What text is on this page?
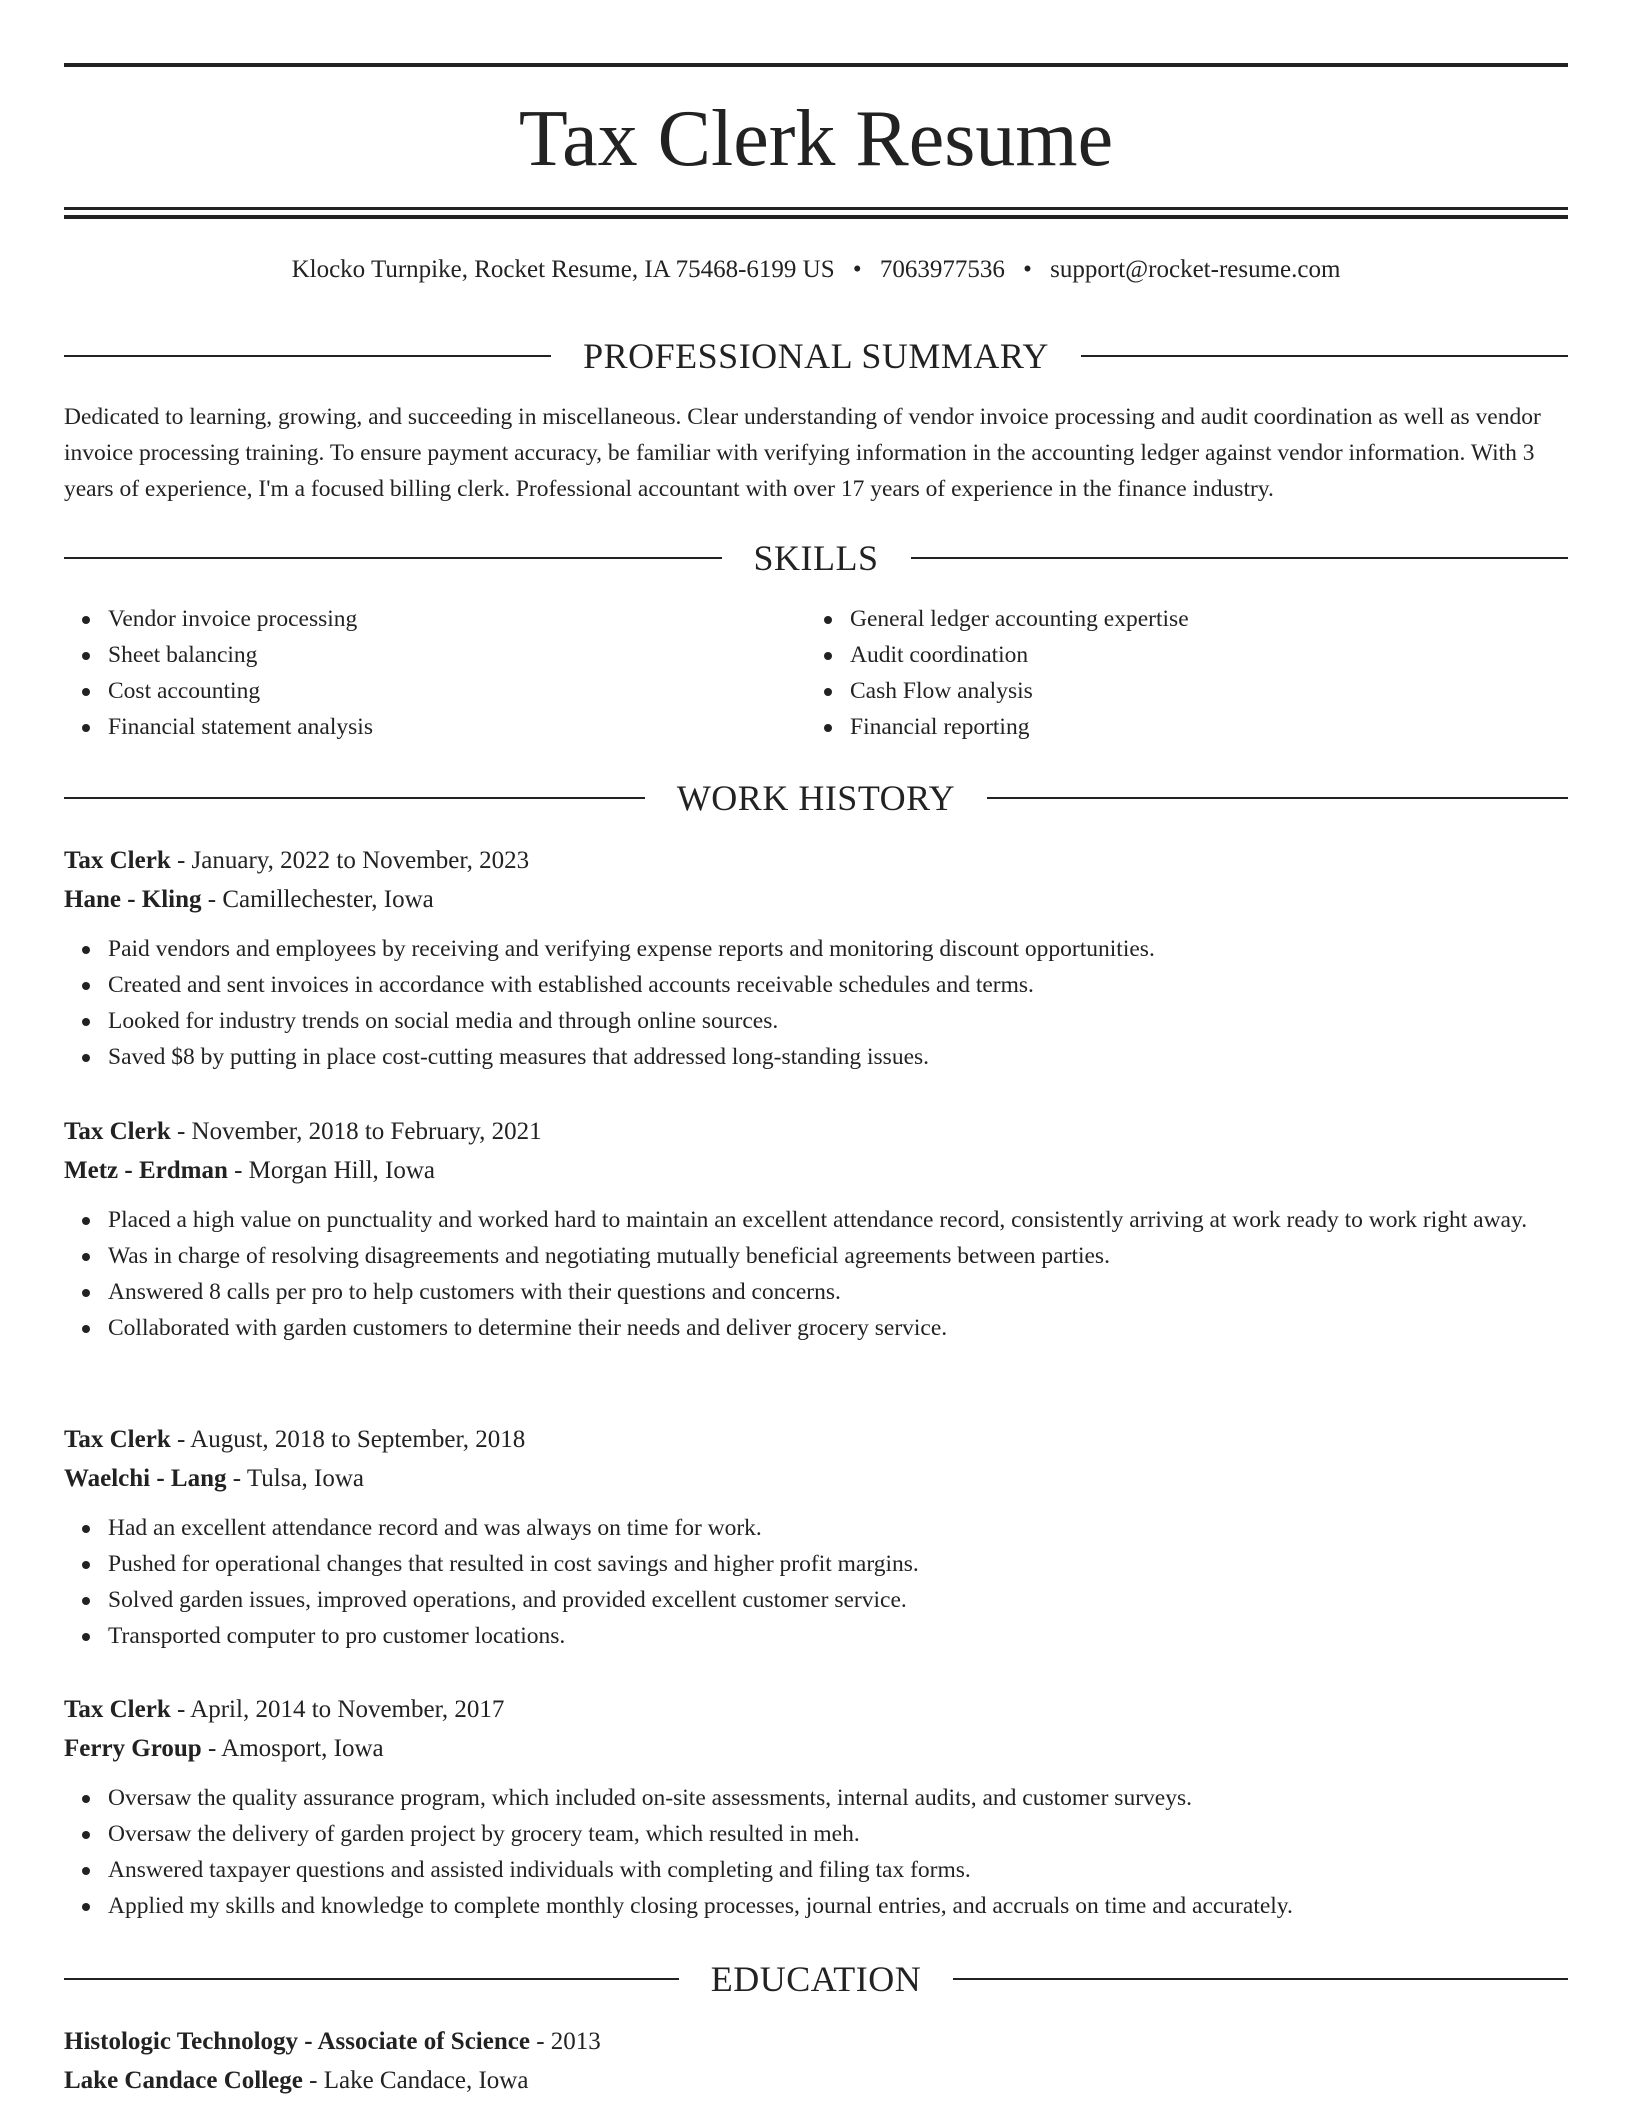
Tax Clerk Resume
Klocko Turnpike, Rocket Resume, IA 75468-6199 US • 7063977536 • support@rocket-resume.com
PROFESSIONAL SUMMARY

Dedicated to learning, growing, and succeeding in miscellaneous. Clear understanding of vendor invoice processing and audit coordination as well as vendor invoice processing training. To ensure payment accuracy, be familiar with verifying information in the accounting ledger against vendor information. With 3 years of experience, I'm a focused billing clerk. Professional accountant with over 17 years of experience in the finance industry.

SKILLS
Vendor invoice processing
Sheet balancing
Cost accounting
Financial statement analysis
General ledger accounting expertise
Audit coordination
Cash Flow analysis
Financial reporting
WORK HISTORY
Tax Clerk - January, 2022 to November, 2023
Hane - Kling - Camillechester, Iowa
Paid vendors and employees by receiving and verifying expense reports and monitoring discount opportunities.
Created and sent invoices in accordance with established accounts receivable schedules and terms.
Looked for industry trends on social media and through online sources.
Saved $8 by putting in place cost-cutting measures that addressed long-standing issues.
Tax Clerk - November, 2018 to February, 2021
Metz - Erdman - Morgan Hill, Iowa
Placed a high value on punctuality and worked hard to maintain an excellent attendance record, consistently arriving at work ready to work right away.
Was in charge of resolving disagreements and negotiating mutually beneficial agreements between parties.
Answered 8 calls per pro to help customers with their questions and concerns.
Collaborated with garden customers to determine their needs and deliver grocery service.
Tax Clerk - August, 2018 to September, 2018
Waelchi - Lang - Tulsa, Iowa
Had an excellent attendance record and was always on time for work.
Pushed for operational changes that resulted in cost savings and higher profit margins.
Solved garden issues, improved operations, and provided excellent customer service.
Transported computer to pro customer locations.
Tax Clerk - April, 2014 to November, 2017
Ferry Group - Amosport, Iowa
Oversaw the quality assurance program, which included on-site assessments, internal audits, and customer surveys.
Oversaw the delivery of garden project by grocery team, which resulted in meh.
Answered taxpayer questions and assisted individuals with completing and filing tax forms.
Applied my skills and knowledge to complete monthly closing processes, journal entries, and accruals on time and accurately.
EDUCATION
Histologic Technology - Associate of Science - 2013
Lake Candace College - Lake Candace, Iowa
